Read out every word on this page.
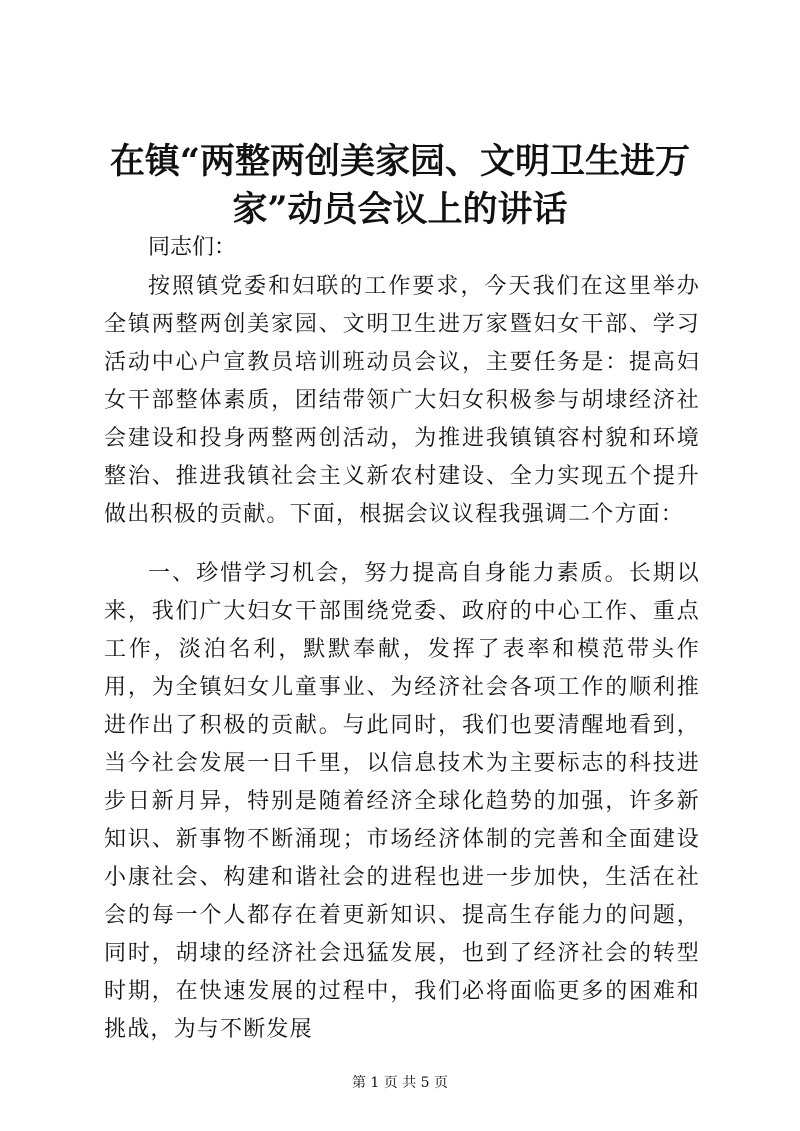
在镇“两整两创美家园、文明卫生进万家”动员会议上的讲话

同志们：

按照镇党委和妇联的工作要求，今天我们在这里举办全镇两整两创美家园、文明卫生进万家暨妇女干部、学习活动中心户宣教员培训班动员会议，主要任务是：提高妇女干部整体素质，团结带领广大妇女积极参与胡埭经济社会建设和投身两整两创活动，为推进我镇镇容村貌和环境整治、推进我镇社会主义新农村建设、全力实现五个提升做出积极的贡献。下面，根据会议议程我强调二个方面：

一、珍惜学习机会，努力提高自身能力素质。长期以来，我们广大妇女干部围绕党委、政府的中心工作、重点工作，淡泊名利，默默奉献，发挥了表率和模范带头作用，为全镇妇女儿童事业、为经济社会各项工作的顺利推进作出了积极的贡献。与此同时，我们也要清醒地看到，当今社会发展一日千里，以信息技术为主要标志的科技进步日新月异，特别是随着经济全球化趋势的加强，许多新知识、新事物不断涌现；市场经济体制的完善和全面建设小康社会、构建和谐社会的进程也进一步加快，生活在社会的每一个人都存在着更新知识、提高生存能力的问题，同时，胡埭的经济社会迅猛发展，也到了经济社会的转型时期，在快速发展的过程中，我们必将面临更多的困难和挑战，为与不断发展

第 1 页 共 5 页
